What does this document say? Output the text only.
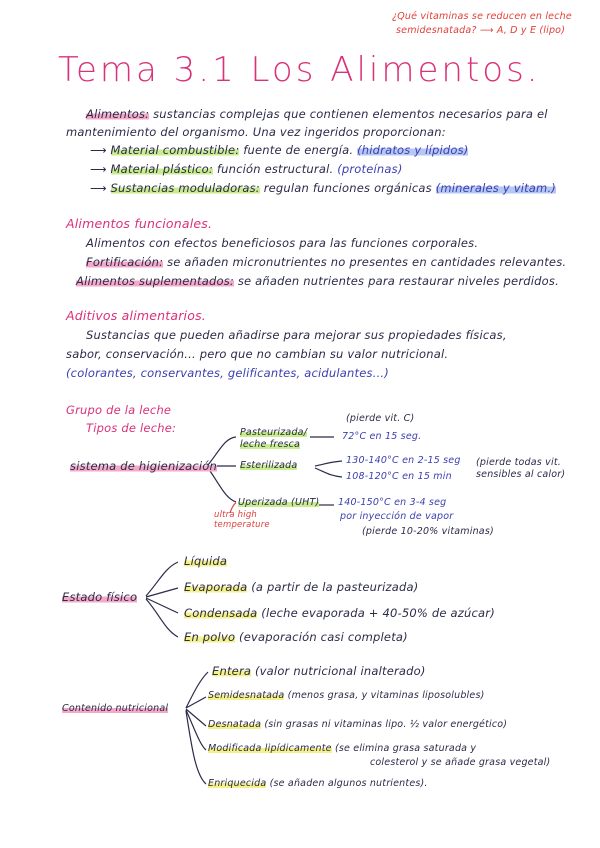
¿Qué vitaminas se reducen en leche
semidesnatada? ⟶ A, D y E (lipo)
Tema 3.1 Los Alimentos.
Alimentos: sustancias complejas que contienen elementos necesarios para el
mantenimiento del organismo. Una vez ingeridos proporcionan:
⟶ Material combustible: fuente de energía. (hidratos y lípidos)
⟶ Material plástico: función estructural. (proteínas)
⟶ Sustancias moduladoras: regulan funciones orgánicas (minerales y vitam.)
Alimentos funcionales.
Alimentos con efectos beneficiosos para las funciones corporales.
Fortificación: se añaden micronutrientes no presentes en cantidades relevantes.
Alimentos suplementados: se añaden nutrientes para restaurar niveles perdidos.
Aditivos alimentarios.
Sustancias que pueden añadirse para mejorar sus propiedades físicas,
sabor, conservación... pero que no cambian su valor nutricional.
(colorantes, conservantes, gelificantes, acidulantes...)
Grupo de la leche
Tipos de leche:
sistema de higienización
(pierde vit. C)
Pasteurizada/
leche fresca
72°C en 15 seg.
Esterilizada	130-140°C en 2-15 seg
108-120°C en 15 min
(pierde todas vit.
sensibles al calor)
Uperizada (UHT) 140-150°C en 3-4 seg
por inyección de vapor
(pierde 10-20% vitaminas)
ultra high
temperature
Estado físico
Líquida
Evaporada (a partir de la pasteurizada)
Condensada (leche evaporada + 40-50% de azúcar)
En polvo (evaporación casi completa)
Contenido nutricional
Entera (valor nutricional inalterado)
Semidesnatada (menos grasa, y vitaminas liposolubles)
Desnatada (sin grasas ni vitaminas lipo. ½ valor energético)
Modificada lipídicamente (se elimina grasa saturada y
colesterol y se añade grasa vegetal)
Enriquecida (se añaden algunos nutrientes).
